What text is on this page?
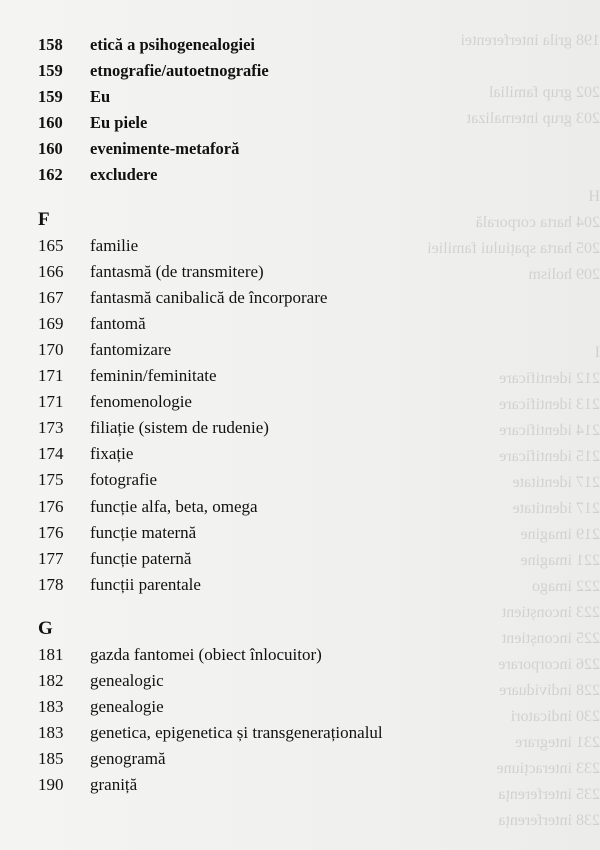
198 grila interferentei
202 grup familial
203 grup internalizat
H
204 harta corporală
205 harta spațiului familiei
209 holism
I
212 identificare
213 identificare
214 identificare
215 identificare
217 identitate
217 identitate
219 imagine
221 imagine
222 imago
223 inconștient
225 inconștient
226 incorporare
228 individuare
230 indicatori
231 integrare
233 interacțiune
235 interferența
238 interferența
158	etică a psihogenealogiei
159	etnografie/autoetnografie
159	Eu
160	Eu piele
160	evenimente-metaforă
162	excludere
F
165	familie
166	fantasmă (de transmitere)
167	fantasmă canibalică de încorporare
169	fantomă
170	fantomizare
171	feminin/feminitate
171	fenomenologie
173	filiație (sistem de rudenie)
174	fixație
175	fotografie
176	funcție alfa, beta, omega
176	funcție maternă
177	funcție paternă
178	funcții parentale
G
181	gazda fantomei (obiect înlocuitor)
182	genealogic
183	genealogie
183	genetica, epigenetica și transgeneraționalul
185	genogramă
190	graniță
